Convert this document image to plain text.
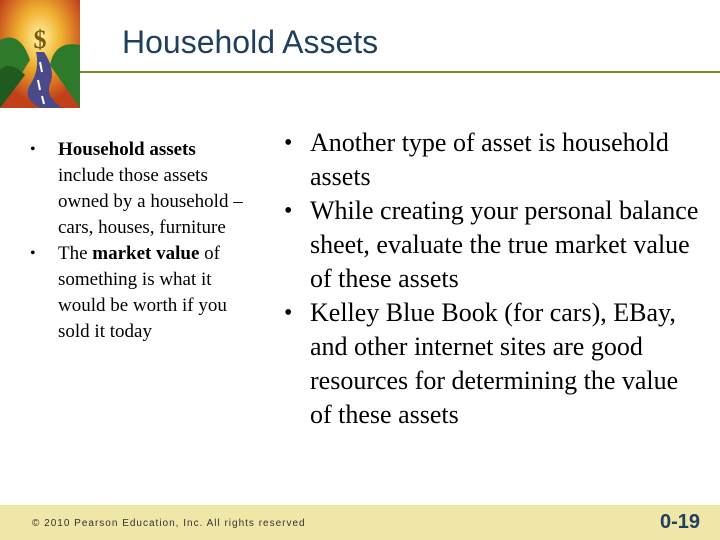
$ Household Assets
• Household assets include those assets owned by a household – cars, houses, furniture
• The market value of something is what it would be worth if you sold it today
• Another type of asset is household assets
• While creating your personal balance sheet, evaluate the true market value of these assets
• Kelley Blue Book (for cars), EBay, and other internet sites are good resources for determining the value of these assets
© 2010 Pearson Education, Inc. All rights reserved	0-19
